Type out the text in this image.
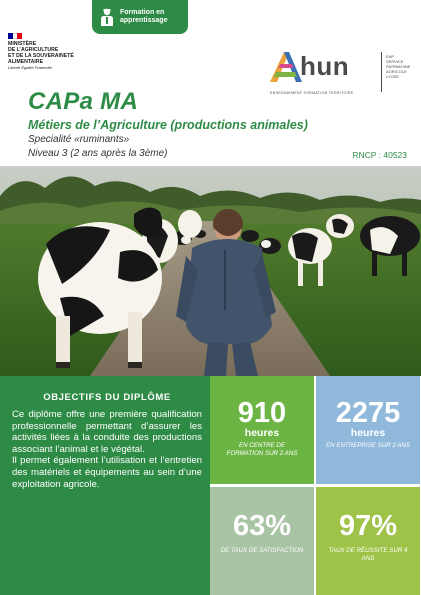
Formation en apprentissage
MINISTÈRE
DE L’AGRICULTURE
ET DE LA SOUVERAINETÉ
ALIMENTAIRE
Liberté Égalité Fraternité	hun	EAP
SERVICE
PATRIMOINE
AGRICOLE LYCÉE
ENSEIGNEMENT FORMATION TERRITOIRE
CAPa MA
Métiers de l’Agriculture (productions animales)
Specialité «ruminants»
Niveau 3 (2 ans après la 3ème)	RNCP : 40523
OBJECTIFS DU DIPLÔME

Ce diplôme offre une première qualification professionnelle permettant d’assurer les activités liées à la conduite des productions associant l’animal et le végétal.

Il permet également l’utilisation et l’entretien des matériels et équipements au sein d’une exploitation agricole.

910
heures
EN CENTRE DE FORMATION SUR 2 ANS
2275
heures
EN ENTREPRISE SUR 2 ANS
63%
DE TAUX DE SATISFACTION
97%
TAUX DE RÉUSSITE SUR 4 ANS
